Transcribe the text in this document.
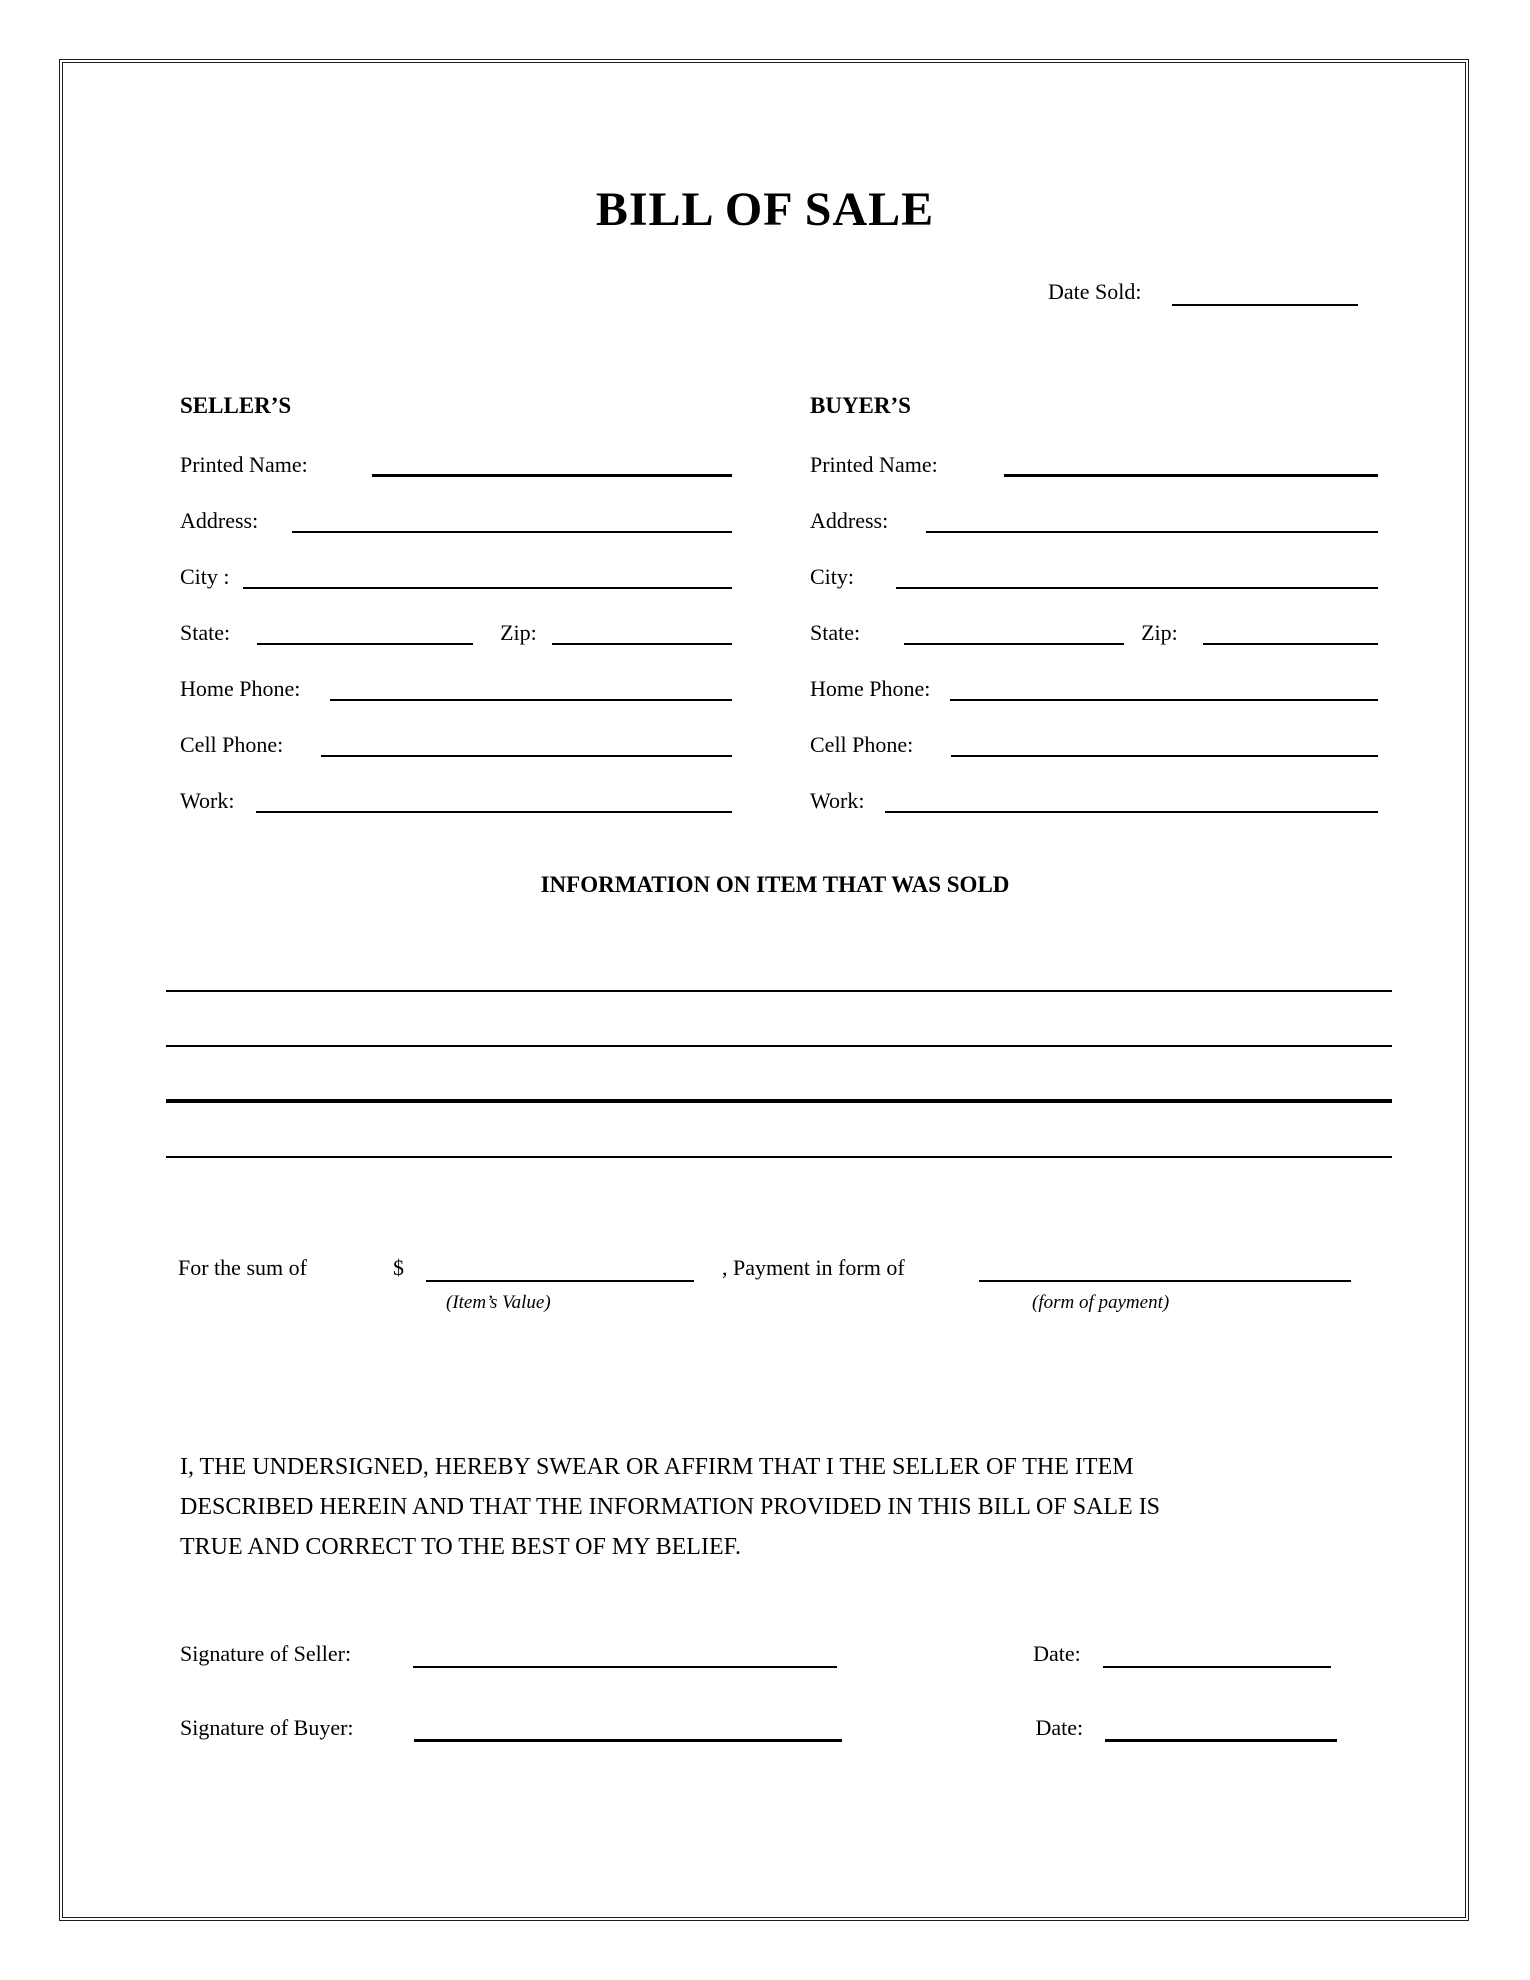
BILL OF SALE
Date Sold:
SELLER’S
Printed Name:
Address:
City :
State:	Zip:
Home Phone:
Cell Phone:
Work:
BUYER’S
Printed Name:
Address:
City:
State:	Zip:
Home Phone:
Cell Phone:
Work:
INFORMATION ON ITEM THAT WAS SOLD
For the sum of	$	, Payment in form of
(Item’s Value)	(form of payment)
I, THE UNDERSIGNED, HEREBY SWEAR OR AFFIRM THAT I THE SELLER OF THE ITEM
DESCRIBED HEREIN AND THAT THE INFORMATION PROVIDED IN THIS BILL OF SALE IS
TRUE AND CORRECT TO THE BEST OF MY BELIEF.
Signature of Seller:	Date:
Signature of Buyer:	Date:
